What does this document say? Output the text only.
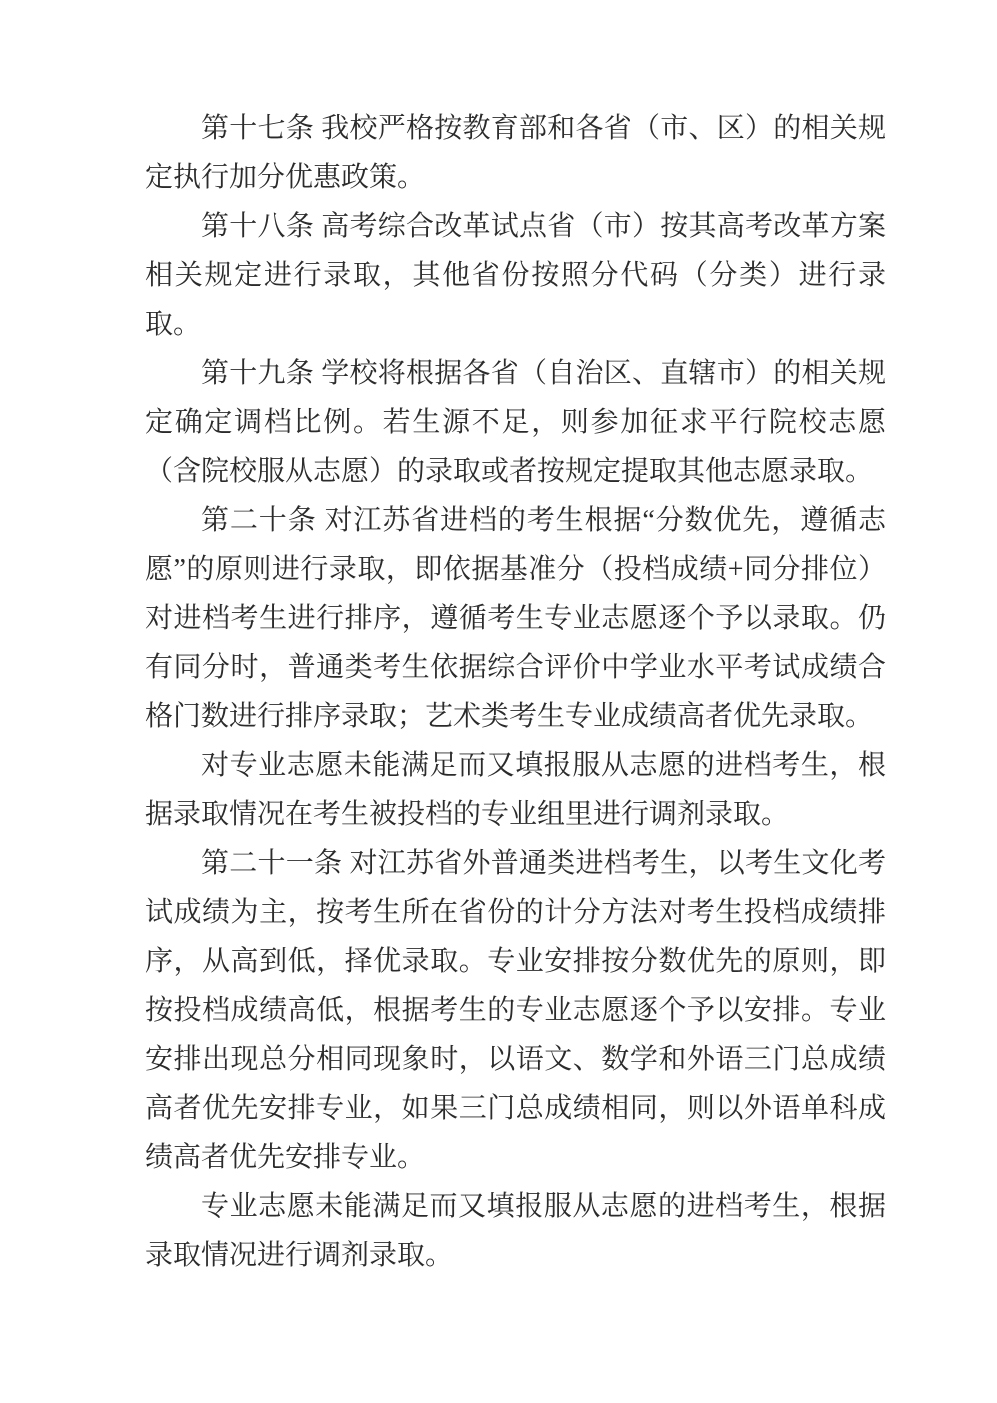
第十七条 我校严格按教育部和各省（市、区）的相关规定执行加分优惠政策。

第十八条 高考综合改革试点省（市）按其高考改革方案相关规定进行录取，其他省份按照分代码（分类）进行录取。

第十九条 学校将根据各省（自治区、直辖市）的相关规定确定调档比例。若生源不足，则参加征求平行院校志愿（含院校服从志愿）的录取或者按规定提取其他志愿录取。

第二十条 对江苏省进档的考生根据“分数优先，遵循志愿”的原则进行录取，即依据基准分（投档成绩+同分排位）对进档考生进行排序，遵循考生专业志愿逐个予以录取。仍有同分时，普通类考生依据综合评价中学业水平考试成绩合格门数进行排序录取；艺术类考生专业成绩高者优先录取。

对专业志愿未能满足而又填报服从志愿的进档考生，根据录取情况在考生被投档的专业组里进行调剂录取。

第二十一条 对江苏省外普通类进档考生，以考生文化考试成绩为主，按考生所在省份的计分方法对考生投档成绩排序，从高到低，择优录取。专业安排按分数优先的原则，即按投档成绩高低，根据考生的专业志愿逐个予以安排。专业安排出现总分相同现象时，以语文、数学和外语三门总成绩高者优先安排专业，如果三门总成绩相同，则以外语单科成绩高者优先安排专业。

专业志愿未能满足而又填报服从志愿的进档考生，根据录取情况进行调剂录取。
